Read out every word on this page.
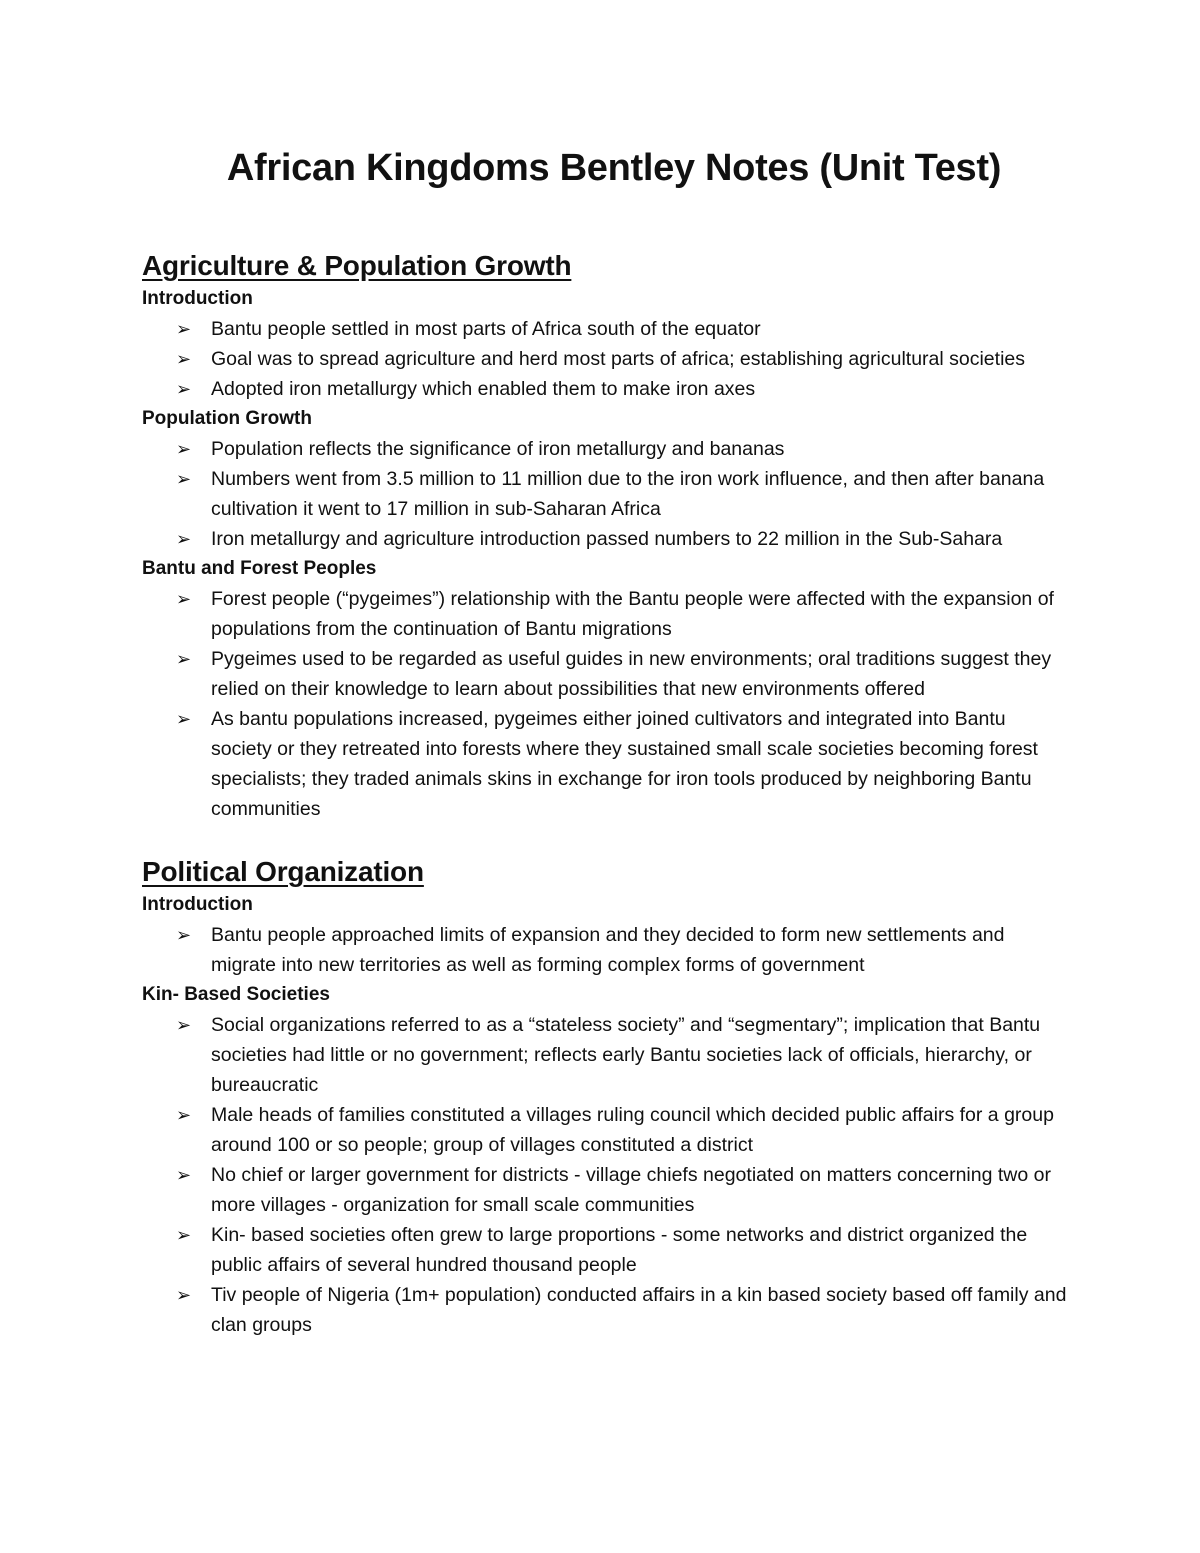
African Kingdoms Bentley Notes (Unit Test)
Agriculture & Population Growth
Introduction
➢ Bantu people settled in most parts of Africa south of the equator
➢ Goal was to spread agriculture and herd most parts of africa; establishing agricultural societies
➢ Adopted iron metallurgy which enabled them to make iron axes
Population Growth
➢ Population reflects the significance of iron metallurgy and bananas
➢ Numbers went from 3.5 million to 11 million due to the iron work influence, and then after banana cultivation it went to 17 million in sub-Saharan Africa
➢ Iron metallurgy and agriculture introduction passed numbers to 22 million in the Sub-Sahara
Bantu and Forest Peoples
➢ Forest people (“pygeimes”) relationship with the Bantu people were affected with the expansion of populations from the continuation of Bantu migrations
➢ Pygeimes used to be regarded as useful guides in new environments; oral traditions suggest they relied on their knowledge to learn about possibilities that new environments offered
➢ As bantu populations increased, pygeimes either joined cultivators and integrated into Bantu society or they retreated into forests where they sustained small scale societies becoming forest specialists; they traded animals skins in exchange for iron tools produced by neighboring Bantu communities
Political Organization
Introduction
➢ Bantu people approached limits of expansion and they decided to form new settlements and migrate into new territories as well as forming complex forms of government
Kin- Based Societies
➢ Social organizations referred to as a “stateless society” and “segmentary”; implication that Bantu societies had little or no government; reflects early Bantu societies lack of officials, hierarchy, or bureaucratic
➢ Male heads of families constituted a villages ruling council which decided public affairs for a group around 100 or so people; group of villages constituted a district
➢ No chief or larger government for districts - village chiefs negotiated on matters concerning two or more villages - organization for small scale communities
➢ Kin- based societies often grew to large proportions - some networks and district organized the public affairs of several hundred thousand people
➢ Tiv people of Nigeria (1m+ population) conducted affairs in a kin based society based off family and clan groups
